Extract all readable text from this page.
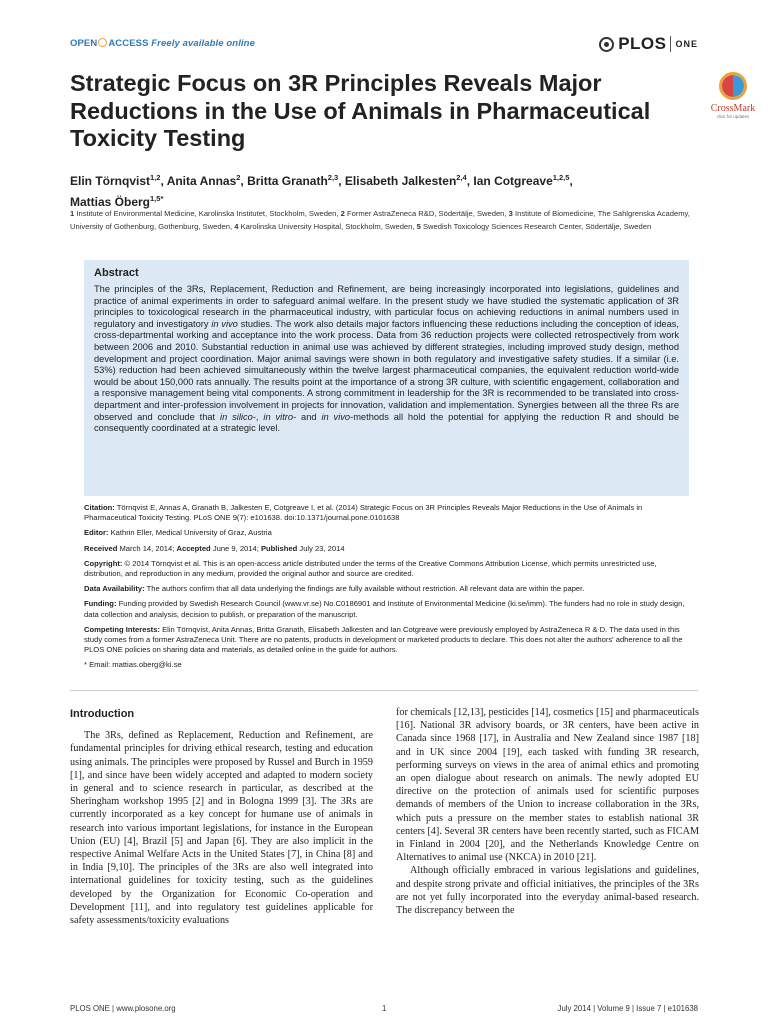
OPEN ACCESS Freely available online	PLOS ONE
Strategic Focus on 3R Principles Reveals Major Reductions in the Use of Animals in Pharmaceutical Toxicity Testing
CrossMark
click for updates
Elin Törnqvist$^{1,2}$, Anita Annas$^2$, Britta Granath$^{2,3}$, Elisabeth Jalkesten$^{2,4}$, Ian Cotgreave$^{1,2,5}$,
Mattias Öberg$^{1,5*}$
1 Institute of Environmental Medicine, Karolinska Institutet, Stockholm, Sweden, 2 Former AstraZeneca R&D, Södertälje, Sweden, 3 Institute of Biomedicine, The Sahlgrenska Academy, University of Gothenburg, Gothenburg, Sweden, 4 Karolinska University Hospital, Stockholm, Sweden, 5 Swedish Toxicology Sciences Research Center, Södertälje, Sweden
Abstract

The principles of the 3Rs, Replacement, Reduction and Refinement, are being increasingly incorporated into legislations, guidelines and practice of animal experiments in order to safeguard animal welfare. In the present study we have studied the systematic application of 3R principles to toxicological research in the pharmaceutical industry, with particular focus on achieving reductions in animal numbers used in regulatory and investigatory in vivo studies. The work also details major factors influencing these reductions including the conception of ideas, cross-departmental working and acceptance into the work process. Data from 36 reduction projects were collected retrospectively from work between 2006 and 2010. Substantial reduction in animal use was achieved by different strategies, including improved study design, method development and project coordination. Major animal savings were shown in both regulatory and investigative safety studies. If a similar (i.e. 53%) reduction had been achieved simultaneously within the twelve largest pharmaceutical companies, the equivalent reduction world-wide would be about 150,000 rats annually. The results point at the importance of a strong 3R culture, with scientific engagement, collaboration and a responsive management being vital components. A strong commitment in leadership for the 3R is recommended to be translated into cross-department and inter-profession involvement in projects for innovation, validation and implementation. Synergies between all the three Rs are observed and conclude that in silico-, in vitro- and in vivo-methods all hold the potential for applying the reduction R and should be consequently coordinated at a strategic level.

Citation: Törnqvist E, Annas A, Granath B, Jalkesten E, Cotgreave I, et al. (2014) Strategic Focus on 3R Principles Reveals Major Reductions in the Use of Animals in Pharmaceutical Toxicity Testing. PLoS ONE 9(7): e101638. doi:10.1371/journal.pone.0101638

Editor: Kathrin Eller, Medical University of Graz, Austria

Received March 14, 2014; Accepted June 9, 2014; Published July 23, 2014

Copyright: © 2014 Törnqvist et al. This is an open-access article distributed under the terms of the Creative Commons Attribution License, which permits unrestricted use, distribution, and reproduction in any medium, provided the original author and source are credited.

Data Availability: The authors confirm that all data underlying the findings are fully available without restriction. All relevant data are within the paper.

Funding: Funding provided by Swedish Research Council (www.vr.se) No.C0186901 and Institute of Environmental Medicine (ki.se/imm). The funders had no role in study design, data collection and analysis, decision to publish, or preparation of the manuscript.

Competing Interests: Elin Törnqvist, Anita Annas, Britta Granath, Elisabeth Jalkesten and Ian Cotgreave were previously employed by AstraZeneca R & D. The data used in this study comes from a former AstraZeneca Unit. There are no patents, products in development or marketed products to declare. This does not alter the authors' adherence to all the PLOS ONE policies on sharing data and materials, as detailed online in the guide for authors.

* Email: mattias.oberg@ki.se

Introduction

The 3Rs, defined as Replacement, Reduction and Refinement, are fundamental principles for driving ethical research, testing and education using animals. The principles were proposed by Russel and Burch in 1959 [1], and since have been widely accepted and adapted to modern society in general and to science research in particular, as described at the Sheringham workshop 1995 [2] and in Bologna 1999 [3]. The 3Rs are currently incorporated as a key concept for humane use of animals in research into various important legislations, for instance in the European Union (EU) [4], Brazil [5] and Japan [6]. They are also implicit in the respective Animal Welfare Acts in the United States [7], in China [8] and in India [9,10]. The principles of the 3Rs are also well integrated into international guidelines for toxicity testing, such as the guidelines developed by the Organization for Economic Co-operation and Development [11], and into regulatory test guidelines applicable for safety assessments/toxicity evaluations

for chemicals [12,13], pesticides [14], cosmetics [15] and pharmaceuticals [16]. National 3R advisory boards, or 3R centers, have been active in Canada since 1968 [17], in Australia and New Zealand since 1987 [18] and in UK since 2004 [19], each tasked with funding 3R research, performing surveys on views in the area of animal ethics and promoting an open dialogue about research on animals. The newly adopted EU directive on the protection of animals used for scientific purposes demands of members of the Union to increase collaboration in the 3Rs, which puts a pressure on the member states to establish national 3R centers [4]. Several 3R centers have been recently started, such as FICAM in Finland in 2004 [20], and the Netherlands Knowledge Centre on Alternatives to animal use (NKCA) in 2010 [21].

Although officially embraced in various legislations and guidelines, and despite strong private and official initiatives, the principles of the 3Rs are not yet fully incorporated into the everyday animal-based research. The discrepancy between the

PLOS ONE | www.plosone.org	1	July 2014 | Volume 9 | Issue 7 | e101638
